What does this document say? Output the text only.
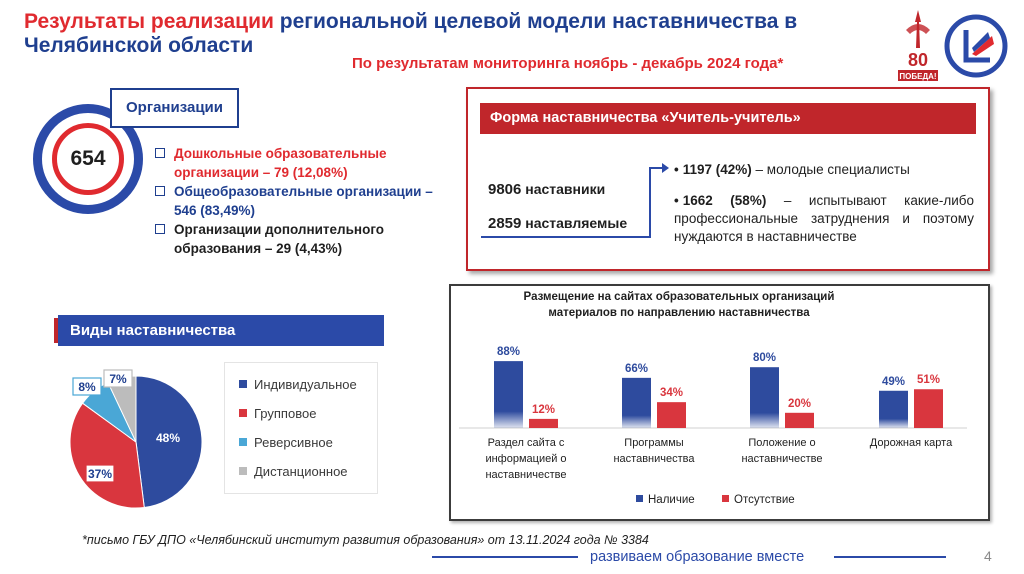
Результаты реализации региональной целевой модели наставничества в Челябинской области
По результатам мониторинга ноябрь - декабрь 2024 года*	80
ПОБЕДА!
654
Организации
Дошкольные образовательные организации – 79 (12,08%)
Общеобразовательные организации – 546 (83,49%)
Организации дополнительного образования – 29 (4,43%)
Форма наставничества «Учитель-учитель»
9806 наставники
2859 наставляемые
• 1197 (42%) – молодые специалисты
• 1662 (58%) – испытывают какие-либо профессиональные затруднения и поэтому нуждаются в наставничестве
Виды наставничества
48%
37%
8%
7%	Индивидуальное
Групповое
Реверсивное
Дистанционное
Размещение на сайтах образовательных организаций
материалов по направлению наставничества
88%
66%
80%
49%
12%
34%
20%
51%
Раздел сайта с
информацией о
наставничестве
Программы
наставничества
Положение о
наставничестве
Дорожная карта
Наличие	Отсутствие
*письмо ГБУ ДПО «Челябинский институт развития образования» от 13.11.2024 года № 3384
развиваем образование вместе	4
